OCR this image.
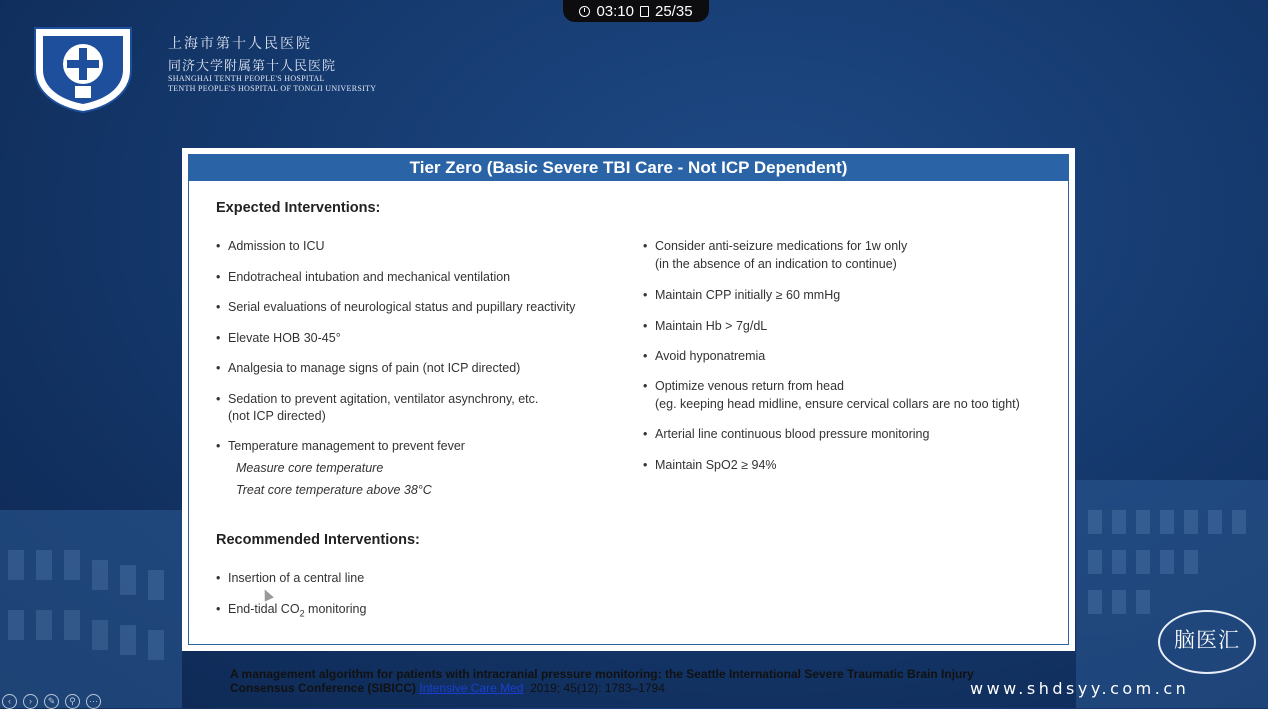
03:10 25/35
上海市第十人民医院
同济大学附属第十人民医院
SHANGHAI TENTH PEOPLE'S HOSPITAL
TENTH PEOPLE'S HOSPITAL OF TONGJI UNIVERSITY
Tier Zero (Basic Severe TBI Care - Not ICP Dependent)
Expected Interventions:
• Admission to ICU
• Endotracheal intubation and mechanical ventilation
• Serial evaluations of neurological status and pupillary reactivity
• Elevate HOB 30-45°
• Analgesia to manage signs of pain (not ICP directed)
• Sedation to prevent agitation, ventilator asynchrony, etc.
(not ICP directed)
• Temperature management to prevent fever
Measure core temperature
Treat core temperature above 38°C
• Consider anti-seizure medications for 1w only
(in the absence of an indication to continue)
• Maintain CPP initially ≥ 60 mmHg
• Maintain Hb > 7g/dL
• Avoid hyponatremia
• Optimize venous return from head
(eg. keeping head midline, ensure cervical collars are no too tight)
• Arterial line continuous blood pressure monitoring
• Maintain SpO2 ≥ 94%
Recommended Interventions:
• Insertion of a central line
• End-tidal $CO_2$ monitoring
A management algorithm for patients with intracranial pressure monitoring: the Seattle International Severe Traumatic Brain Injury Consensus Conference (SIBICC) Intensive Care Med. 2019; 45(12): 1783–1794
脑医汇
www.shdsyy.com.cn
‹	›	✎	⚲	⋯
